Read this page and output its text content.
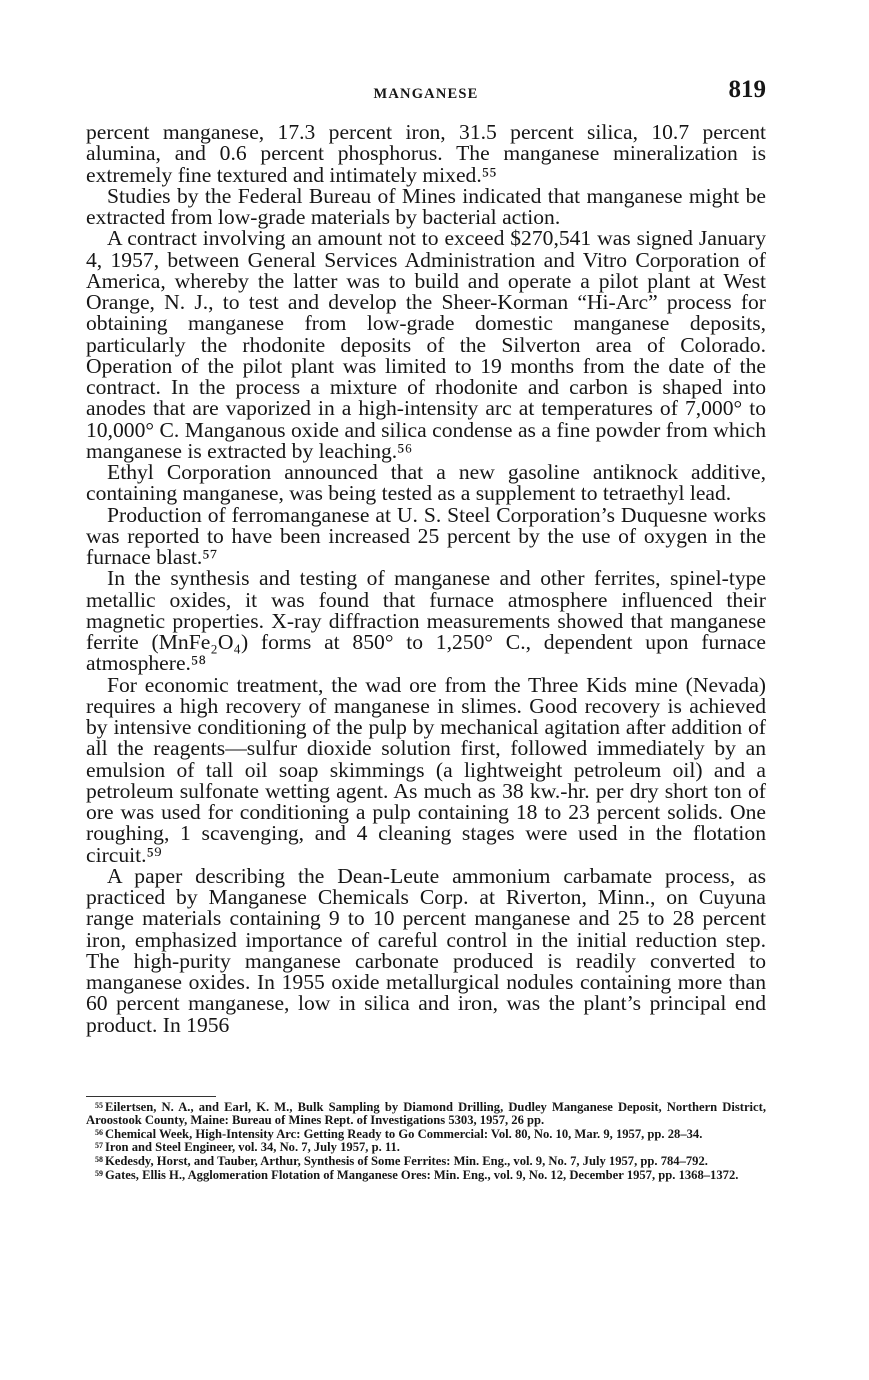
MANGANESE	819

percent manganese, 17.3 percent iron, 31.5 percent silica, 10.7 percent alumina, and 0.6 percent phosphorus. The manganese mineralization is extremely fine textured and intimately mixed.⁵⁵

Studies by the Federal Bureau of Mines indicated that manganese might be extracted from low-grade materials by bacterial action.

A contract involving an amount not to exceed $270,541 was signed January 4, 1957, between General Services Administration and Vitro Corporation of America, whereby the latter was to build and operate a pilot plant at West Orange, N. J., to test and develop the Sheer-Korman “Hi-Arc” process for obtaining manganese from low-grade domestic manganese deposits, particularly the rhodonite deposits of the Silverton area of Colorado. Operation of the pilot plant was limited to 19 months from the date of the contract. In the process a mixture of rhodonite and carbon is shaped into anodes that are vaporized in a high-intensity arc at temperatures of 7,000° to 10,000° C. Manganous oxide and silica condense as a fine powder from which manganese is extracted by leaching.⁵⁶

Ethyl Corporation announced that a new gasoline antiknock additive, containing manganese, was being tested as a supplement to tetraethyl lead.

Production of ferromanganese at U. S. Steel Corporation’s Duquesne works was reported to have been increased 25 percent by the use of oxygen in the furnace blast.⁵⁷

In the synthesis and testing of manganese and other ferrites, spinel-type metallic oxides, it was found that furnace atmosphere influenced their magnetic properties. X-ray diffraction measurements showed that manganese ferrite (MnFe₂O₄) forms at 850° to 1,250° C., dependent upon furnace atmosphere.⁵⁸

For economic treatment, the wad ore from the Three Kids mine (Nevada) requires a high recovery of manganese in slimes. Good recovery is achieved by intensive conditioning of the pulp by mechanical agitation after addition of all the reagents—sulfur dioxide solution first, followed immediately by an emulsion of tall oil soap skimmings (a lightweight petroleum oil) and a petroleum sulfonate wetting agent. As much as 38 kw.-hr. per dry short ton of ore was used for conditioning a pulp containing 18 to 23 percent solids. One roughing, 1 scavenging, and 4 cleaning stages were used in the flotation circuit.⁵⁹

A paper describing the Dean-Leute ammonium carbamate process, as practiced by Manganese Chemicals Corp. at Riverton, Minn., on Cuyuna range materials containing 9 to 10 percent manganese and 25 to 28 percent iron, emphasized importance of careful control in the initial reduction step. The high-purity manganese carbonate produced is readily converted to manganese oxides. In 1955 oxide metallurgical nodules containing more than 60 percent manganese, low in silica and iron, was the plant’s principal end product. In 1956

$^{55}$ Eilertsen, N. A., and Earl, K. M., Bulk Sampling by Diamond Drilling, Dudley Manganese Deposit, Northern District, Aroostook County, Maine: Bureau of Mines Rept. of Investigations 5303, 1957, 26 pp.

$^{56}$ Chemical Week, High-Intensity Arc: Getting Ready to Go Commercial: Vol. 80, No. 10, Mar. 9, 1957, pp. 28–34.

$^{57}$ Iron and Steel Engineer, vol. 34, No. 7, July 1957, p. 11.

$^{58}$ Kedesdy, Horst, and Tauber, Arthur, Synthesis of Some Ferrites: Min. Eng., vol. 9, No. 7, July 1957, pp. 784–792.

$^{59}$ Gates, Ellis H., Agglomeration Flotation of Manganese Ores: Min. Eng., vol. 9, No. 12, December 1957, pp. 1368–1372.
